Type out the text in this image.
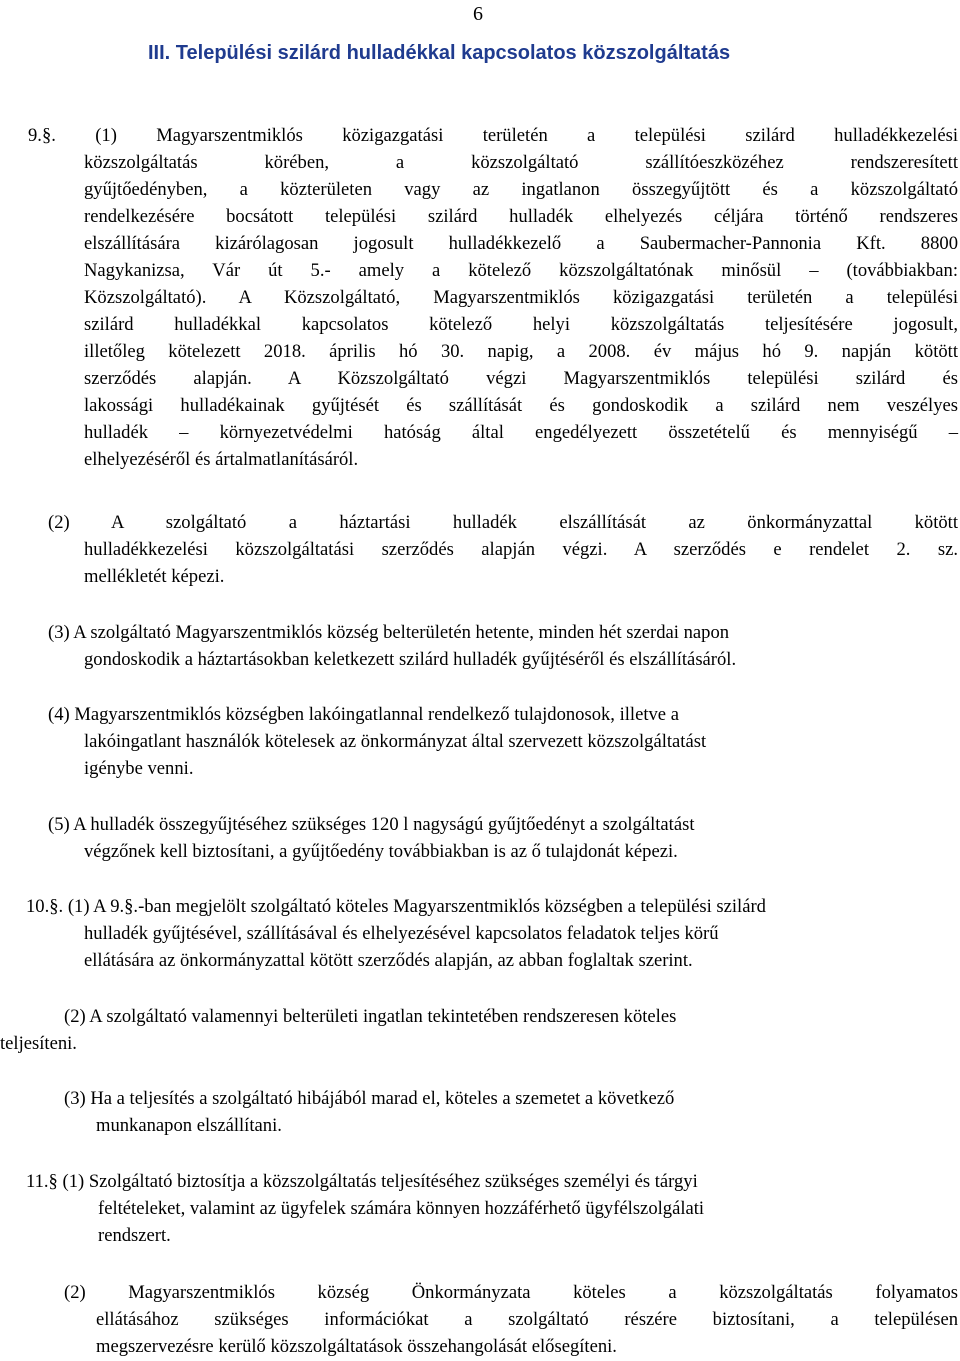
6
III. Települési szilárd hulladékkal kapcsolatos közszolgáltatás
9.§. (1) Magyarszentmiklós közigazgatási területén a települési szilárd hulladékkezelési
közszolgáltatás körében, a közszolgáltató szállítóeszközéhez rendszeresített
gyűjtőedényben, a közterületen vagy az ingatlanon összegyűjtött és a közszolgáltató
rendelkezésére bocsátott települési szilárd hulladék elhelyezés céljára történő rendszeres
elszállítására kizárólagosan jogosult hulladékkezelő a Saubermacher-Pannonia Kft. 8800
Nagykanizsa, Vár út 5.- amely a kötelező közszolgáltatónak minősül – (továbbiakban:
Közszolgáltató). A Közszolgáltató, Magyarszentmiklós közigazgatási területén a települési
szilárd hulladékkal kapcsolatos kötelező helyi közszolgáltatás teljesítésére jogosult,
illetőleg kötelezett 2018. április hó 30. napig, a 2008. év május hó 9. napján kötött
szerződés alapján. A Közszolgáltató végzi Magyarszentmiklós települési szilárd és
lakossági hulladékainak gyűjtését és szállítását és gondoskodik a szilárd nem veszélyes
hulladék – környezetvédelmi hatóság által engedélyezett összetételű és mennyiségű –
elhelyezéséről és ártalmatlanításáról.
(2) A szolgáltató a háztartási hulladék elszállítását az önkormányzattal kötött
hulladékkezelési közszolgáltatási szerződés alapján végzi. A szerződés e rendelet 2. sz.
mellékletét képezi.
(3) A szolgáltató Magyarszentmiklós község belterületén hetente, minden hét szerdai napon
gondoskodik a háztartásokban keletkezett szilárd hulladék gyűjtéséről és elszállításáról.
(4) Magyarszentmiklós községben lakóingatlannal rendelkező tulajdonosok, illetve a
lakóingatlant használók kötelesek az önkormányzat által szervezett közszolgáltatást
igénybe venni.
(5) A hulladék összegyűjtéséhez szükséges 120 l nagyságú gyűjtőedényt a szolgáltatást
végzőnek kell biztosítani, a gyűjtőedény továbbiakban is az ő tulajdonát képezi.
10.§. (1) A 9.§.-ban megjelölt szolgáltató köteles Magyarszentmiklós községben a települési szilárd
hulladék gyűjtésével, szállításával és elhelyezésével kapcsolatos feladatok teljes körű
ellátására az önkormányzattal kötött szerződés alapján, az abban foglaltak szerint.
(2) A szolgáltató valamennyi belterületi ingatlan tekintetében rendszeresen köteles
teljesíteni.
(3) Ha a teljesítés a szolgáltató hibájából marad el, köteles a szemetet a következő
munkanapon elszállítani.
11.§ (1) Szolgáltató biztosítja a közszolgáltatás teljesítéséhez szükséges személyi és tárgyi
feltételeket, valamint az ügyfelek számára könnyen hozzáférhető ügyfélszolgálati
rendszert.
(2) Magyarszentmiklós község Önkormányzata köteles a közszolgáltatás folyamatos
ellátásához szükséges információkat a szolgáltató részére biztosítani, a településen
megszervezésre kerülő közszolgáltatások összehangolását elősegíteni.
